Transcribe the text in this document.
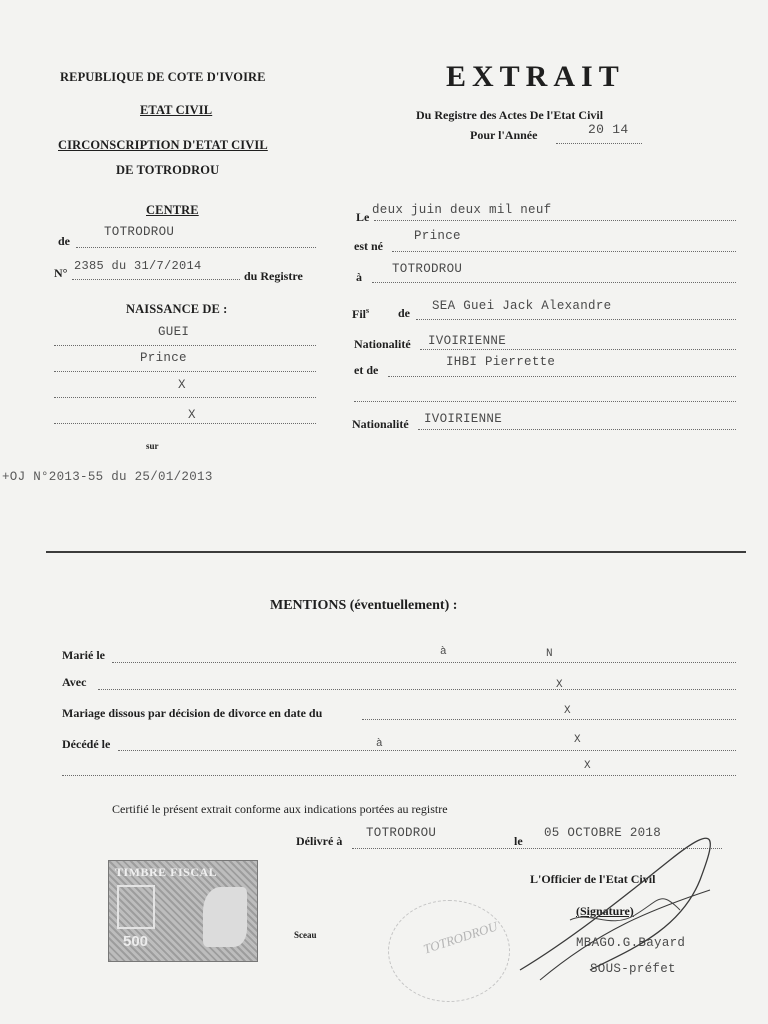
REPUBLIQUE DE COTE D'IVOIRE
ETAT CIVIL
CIRCONSCRIPTION D'ETAT CIVIL
DE TOTRODROU
EXTRAIT
Du Registre des Actes De l'Etat Civil
Pour l'Année	20 14
CENTRE
de
TOTRODROU
N° 2385 du 31/7/2014
du Registre
NAISSANCE DE :
GUEI
Prince
X
X
sur
+OJ N°2013-55 du 25/01/2013
Le deux juin deux mil neuf
est né
Prince
à
TOTRODROU
Fil$^s$ de SEA Guei Jack Alexandre
Nationalité IVOIRIENNE
et de
IHBI Pierrette
Nationalité IVOIRIENNE
MENTIONS (éventuellement) :
Marié le	à	N
Avec	X
Mariage dissous par décision de divorce en date du	X
Décédé le	à	X
X
Certifié le présent extrait conforme aux indications portées au registre
Délivré à
TOTRODROU
le
05 OCTOBRE 2018
L'Officier de l'Etat Civil
(Signature)
MBAGO.G.Bayard
SOUS-préfet
Sceau
TIMBRE FISCAL
500	TOTRODROU
